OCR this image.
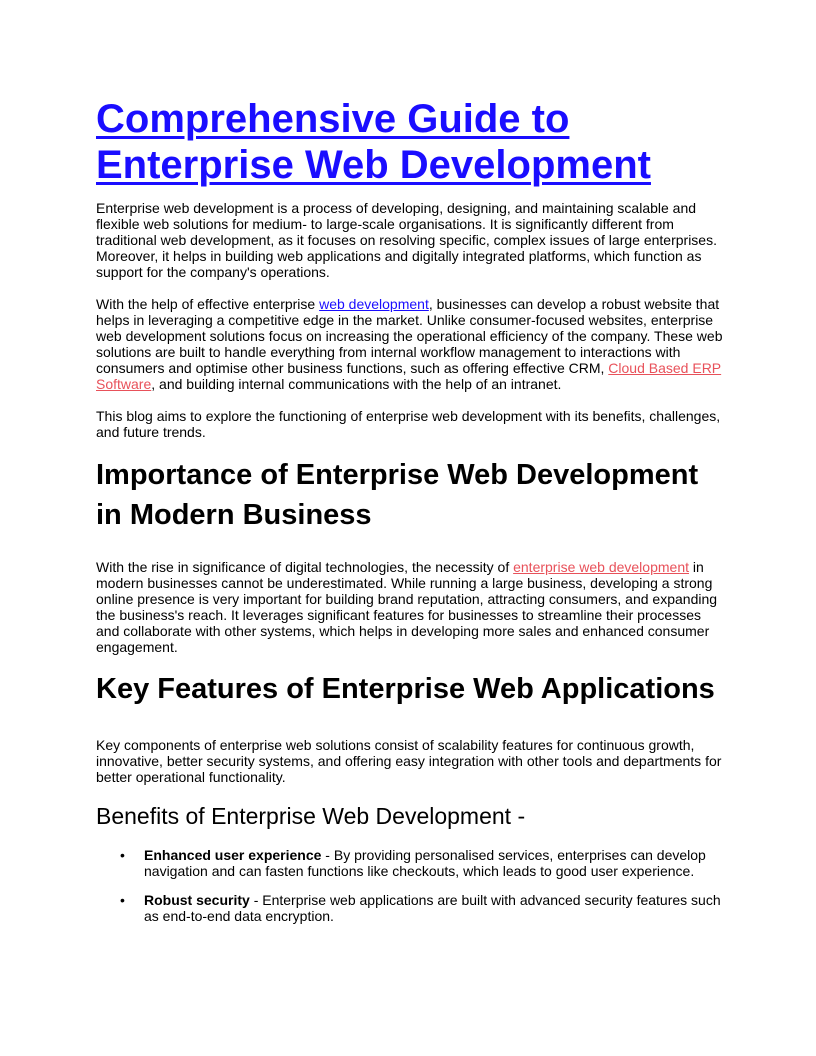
Comprehensive Guide to Enterprise Web Development

Enterprise web development is a process of developing, designing, and maintaining scalable and flexible web solutions for medium- to large-scale organisations. It is significantly different from traditional web development, as it focuses on resolving specific, complex issues of large enterprises. Moreover, it helps in building web applications and digitally integrated platforms, which function as support for the company's operations.

With the help of effective enterprise web development, businesses can develop a robust website that helps in leveraging a competitive edge in the market. Unlike consumer-focused websites, enterprise web development solutions focus on increasing the operational efficiency of the company. These web solutions are built to handle everything from internal workflow management to interactions with consumers and optimise other business functions, such as offering effective CRM, Cloud Based ERP Software, and building internal communications with the help of an intranet.

This blog aims to explore the functioning of enterprise web development with its benefits, challenges, and future trends.

Importance of Enterprise Web Development in Modern Business

With the rise in significance of digital technologies, the necessity of enterprise web development in modern businesses cannot be underestimated. While running a large business, developing a strong online presence is very important for building brand reputation, attracting consumers, and expanding the business's reach. It leverages significant features for businesses to streamline their processes and collaborate with other systems, which helps in developing more sales and enhanced consumer engagement.

Key Features of Enterprise Web Applications

Key components of enterprise web solutions consist of scalability features for continuous growth, innovative, better security systems, and offering easy integration with other tools and departments for better operational functionality.

Benefits of Enterprise Web Development -
• Enhanced user experience - By providing personalised services, enterprises can develop navigation and can fasten functions like checkouts, which leads to good user experience.
• Robust security - Enterprise web applications are built with advanced security features such as end-to-end data encryption.
